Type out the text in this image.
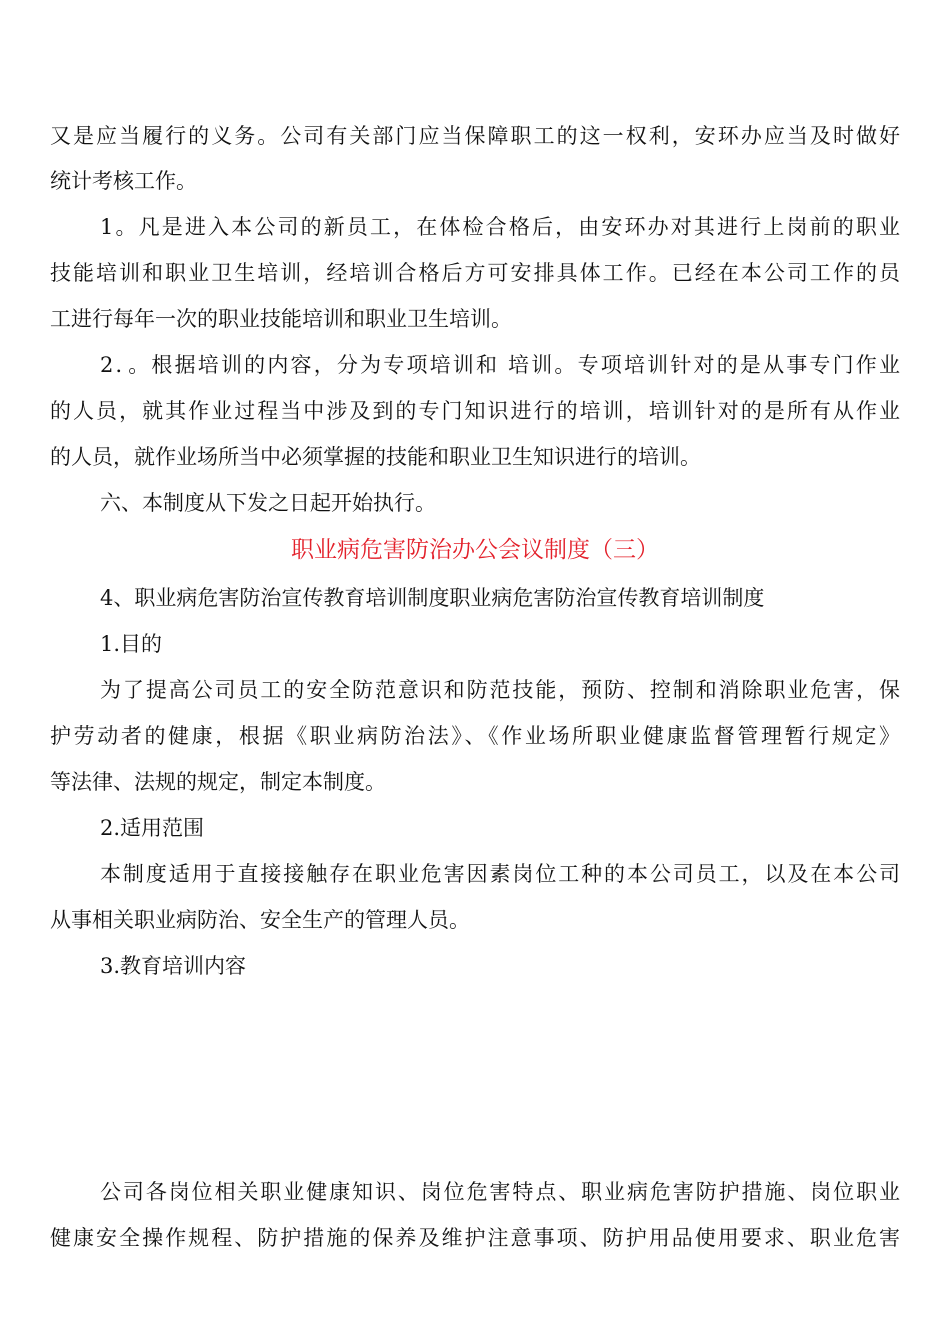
又是应当履行的义务。公司有关部门应当保障职工的这一权利，安环办应当及时做好
统计考核工作。
1。凡是进入本公司的新员工，在体检合格后，由安环办对其进行上岗前的职业
技能培训和职业卫生培训，经培训合格后方可安排具体工作。已经在本公司工作的员
工进行每年一次的职业技能培训和职业卫生培训。
2．。根据培训的内容，分为专项培训和 培训。专项培训针对的是从事专门作业
的人员，就其作业过程当中涉及到的专门知识进行的培训，培训针对的是所有从作业
的人员，就作业场所当中必须掌握的技能和职业卫生知识进行的培训。
六、本制度从下发之日起开始执行。
职业病危害防治办公会议制度（三）
4、职业病危害防治宣传教育培训制度职业病危害防治宣传教育培训制度
1.目的
为了提高公司员工的安全防范意识和防范技能，预防、控制和消除职业危害，保
护劳动者的健康，根据《职业病防治法》、《作业场所职业健康监督管理暂行规定》
等法律、法规的规定，制定本制度。
2.适用范围
本制度适用于直接接触存在职业危害因素岗位工种的本公司员工，以及在本公司
从事相关职业病防治、安全生产的管理人员。
3.教育培训内容
公司各岗位相关职业健康知识、岗位危害特点、职业病危害防护措施、岗位职业
健康安全操作规程、防护措施的保养及维护注意事项、防护用品使用要求、职业危害
